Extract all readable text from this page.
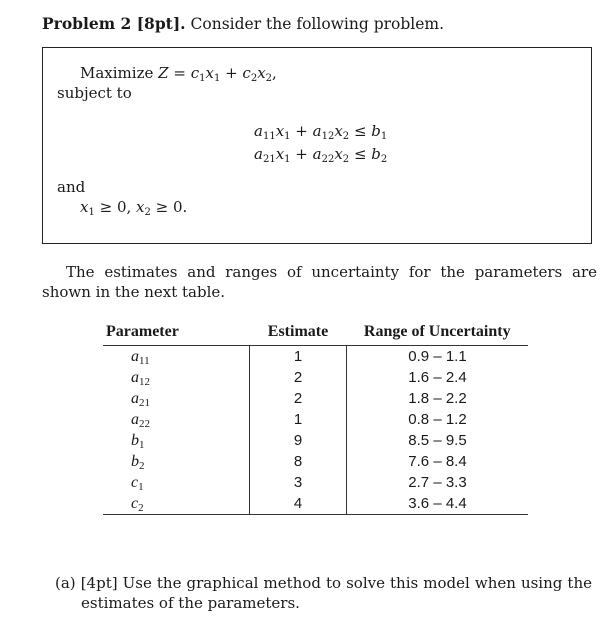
Problem 2 [8pt]. Consider the following problem.
Maximize $Z = c_1x_1 + c_2x_2$,
subject to
$a_{11}x_1 + a_{12}x_2 \le b_1$
$a_{21}x_1 + a_{22}x_2 \le b_2$
and
$x_1 \ge 0$, $x_2 \ge 0$.
The estimates and ranges of uncertainty for the parameters are shown in the next table.
Parameter	Estimate	Range of Uncertainty
$a_{11}$	1	0.9 – 1.1
$a_{12}$	2	1.6 – 2.4
$a_{21}$	2	1.8 – 2.2
$a_{22}$	1	0.8 – 1.2
$b_1$	9	8.5 – 9.5
$b_2$	8	7.6 – 8.4
$c_1$	3	2.7 – 3.3
$c_2$	4	3.6 – 4.4
(a) [4pt] Use the graphical method to solve this model when using the estimates of the parameters.
